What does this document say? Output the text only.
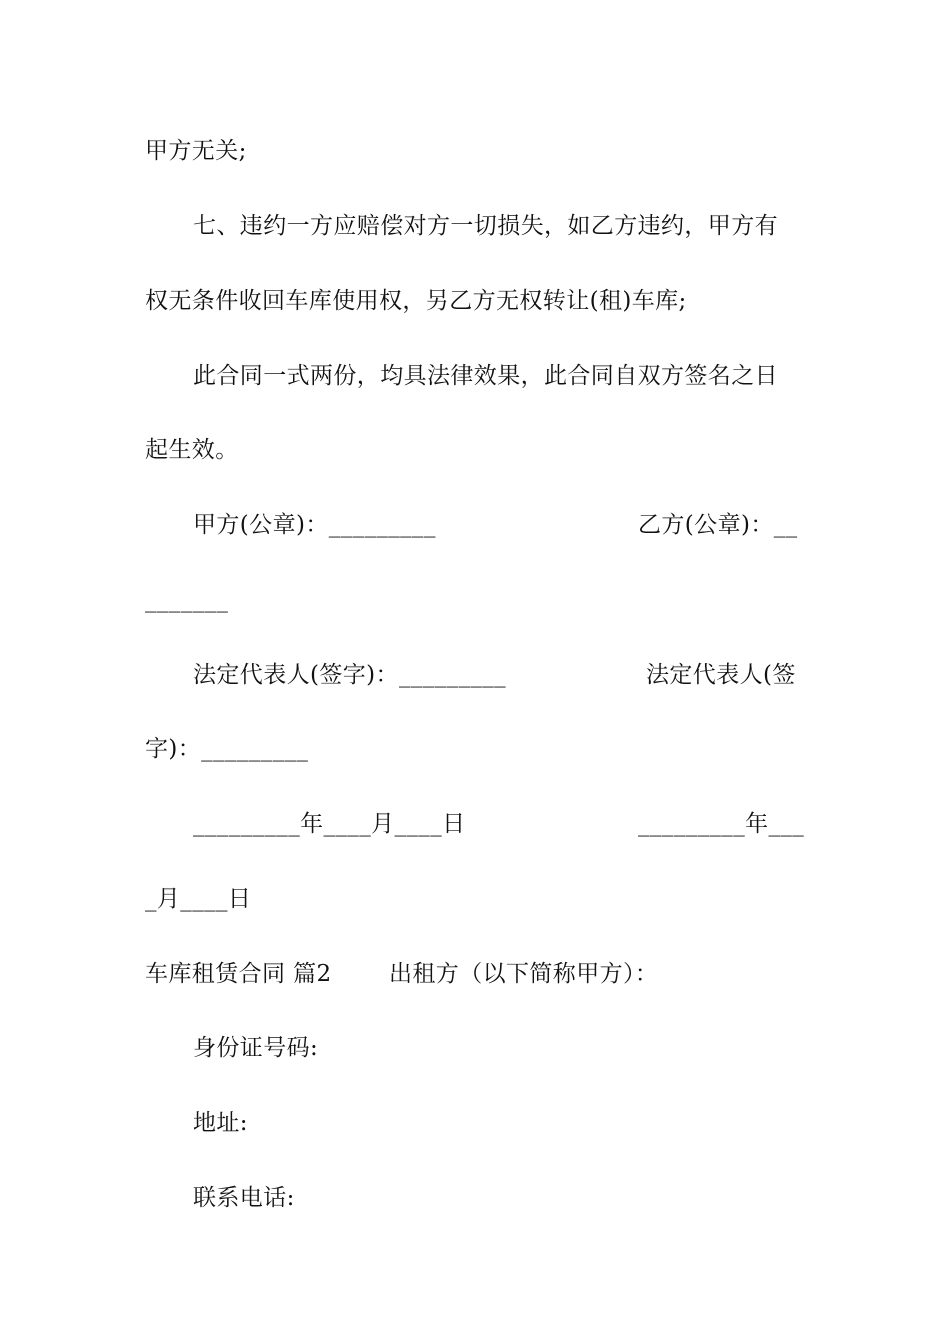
甲方无关;
七、违约一方应赔偿对方一切损失，如乙方违约，甲方有
权无条件收回车库使用权，另乙方无权转让(租)车库;
此合同一式两份，均具法律效果，此合同自双方签名之日
起生效。
甲方(公章)：_________	乙方(公章)：__
_______
法定代表人(签字)：_________	法定代表人(签
字)：_________
_________年____月____日	_________年___
_月____日
车库租赁合同 篇2 出租方（以下简称甲方）：
身份证号码:
地址:
联系电话:
